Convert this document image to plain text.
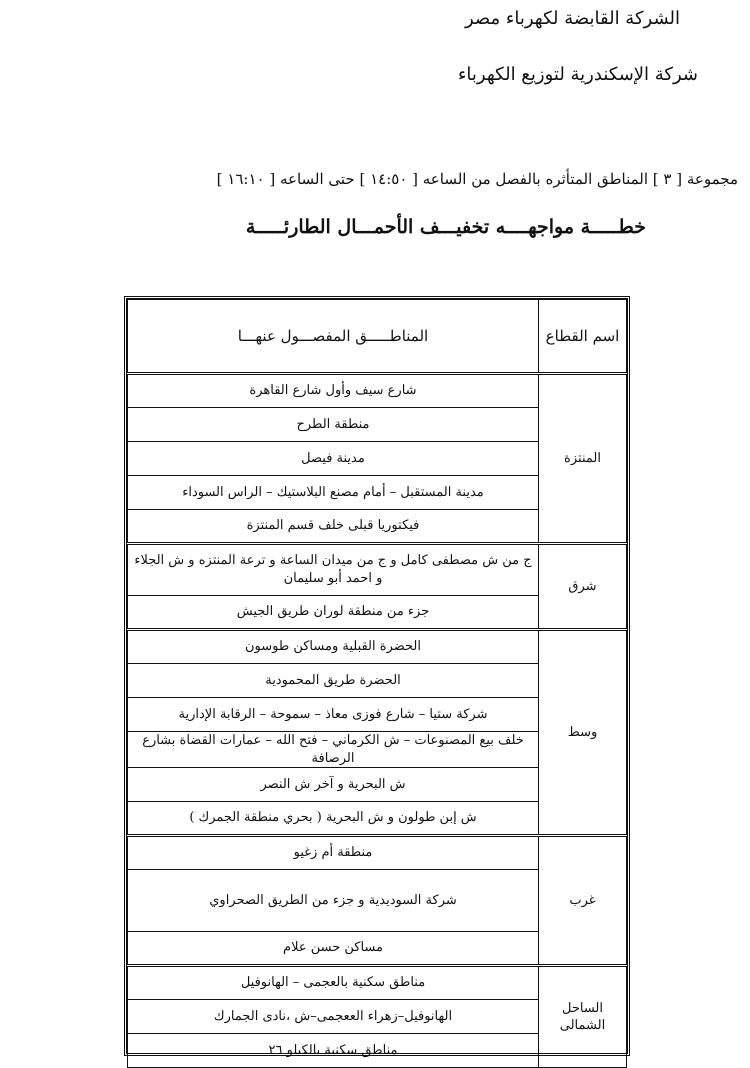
الشركة القابضة لكهرباء مصر
شركة الإسكندرية لتوزيع الكهرباء
مجموعة [ ٣ ] المناطق المتأثره بالفصل من الساعه [ ١٤:٥٠ ] حتى الساعه [ ١٦:١٠ ]
خطـــــة مواجهــــه تخفيـــف الأحمـــال الطارئـــــة
اسم القطاع	المناطـــــق المفصـــول عنهـــا
المنتزة	شارع سيف وأول شارع القاهرة
	منطقة الطرح
	مدينة فيصل
	مدينة المستقبل – أمام مصنع البلاستيك – الراس السوداء
	فيكتوريا قبلى خلف قسم المنتزة
شرق	ج من ش مصطفى كامل و ج من ميدان الساعة و ترعة المنتزه و ش الجلاء و احمد أبو سليمان
	جزء من منطقة لوران طريق الجيش
وسط	الحضرة القبلية ومساكن طوسون
	الحضرة طريق المحمودية
	شركة ستيا – شارع فوزى معاذ – سموحة – الرقابة الإدارية
	خلف بيع المصنوعات – ش الكرماني – فتح الله – عمارات القضاة بشارع الرصافة
	ش البحرية و آخر ش النصر
	ش إبن طولون و ش البحرية ( بحري منطقة الجمرك )
غرب	منطقة أم زغيو
	شركة السوديدية و جزء من الطريق الصحراوي
	مساكن حسن علام
الساحل الشمالى	مناطق سكنية بالعجمى – الهانوفيل
	الهانوفيل–زهراء الععجمى–ش ،نادى الجمارك
	مناطق سكنية بالكيلو ٢٦
